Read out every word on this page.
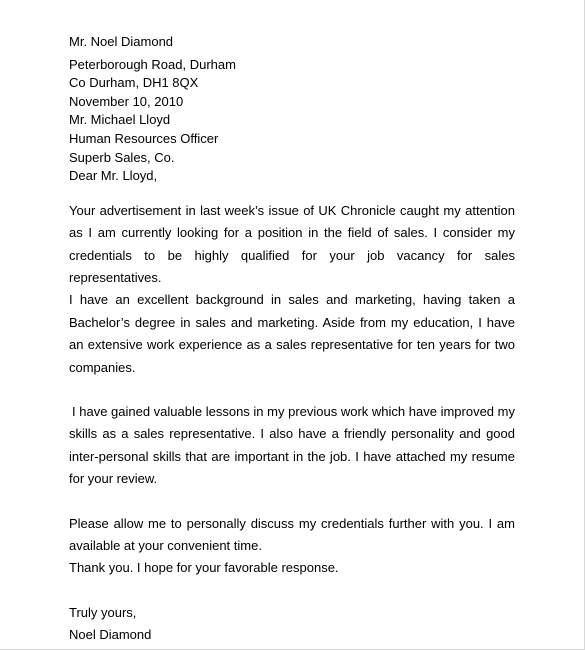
Mr. Noel Diamond
Peterborough Road, Durham
Co Durham, DH1 8QX
November 10, 2010
Mr. Michael Lloyd
Human Resources Officer
Superb Sales, Co.
Dear Mr. Lloyd,

Your advertisement in last week’s issue of UK Chronicle caught my attention as I am currently looking for a position in the field of sales. I consider my credentials to be highly qualified for your job vacancy for sales representatives.

I have an excellent background in sales and marketing, having taken a Bachelor’s degree in sales and marketing. Aside from my education, I have an extensive work experience as a sales representative for ten years for two companies.

I have gained valuable lessons in my previous work which have improved my skills as a sales representative. I also have a friendly personality and good inter-personal skills that are important in the job. I have attached my resume for your review.

Please allow me to personally discuss my credentials further with you. I am available at your convenient time.

Thank you. I hope for your favorable response.

Truly yours,
Noel Diamond
